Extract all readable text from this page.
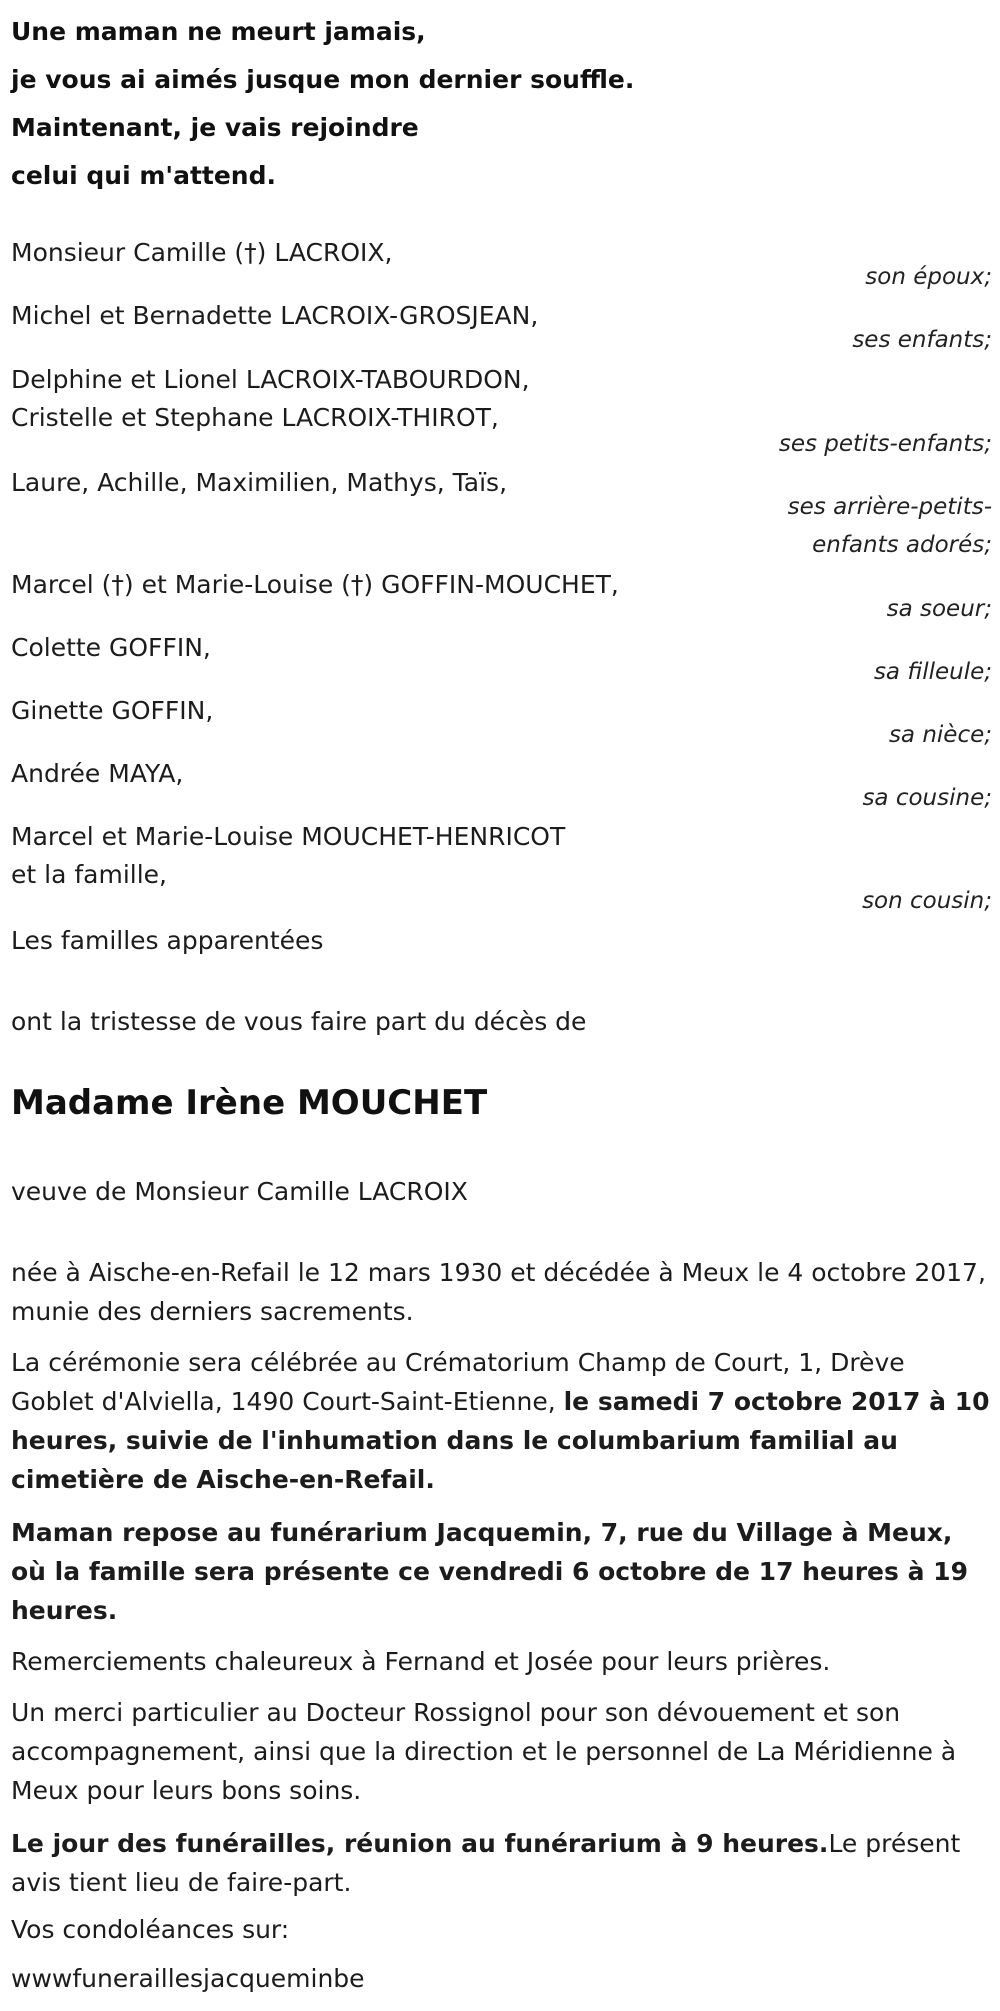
Une maman ne meurt jamais,
je vous ai aimés jusque mon dernier souffle.
Maintenant, je vais rejoindre
celui qui m'attend.
Monsieur Camille (†) LACROIX,
son époux;
Michel et Bernadette LACROIX-GROSJEAN,
ses enfants;
Delphine et Lionel LACROIX-TABOURDON,
Cristelle et Stephane LACROIX-THIROT,
ses petits-enfants;
Laure, Achille, Maximilien, Mathys, Taïs,
ses arrière-petits-
enfants adorés;
Marcel (†) et Marie-Louise (†) GOFFIN-MOUCHET,
sa soeur;
Colette GOFFIN,
sa filleule;
Ginette GOFFIN,
sa nièce;
Andrée MAYA,
sa cousine;
Marcel et Marie-Louise MOUCHET-HENRICOT
et la famille,
son cousin;
Les familles apparentées
ont la tristesse de vous faire part du décès de
Madame Irène MOUCHET
veuve de Monsieur Camille LACROIX
née à Aische-en-Refail le 12 mars 1930 et décédée à Meux le 4 octobre 2017, munie des derniers sacrements.
La cérémonie sera célébrée au Crématorium Champ de Court, 1, Drève Goblet d'Alviella, 1490 Court-Saint-Etienne, le samedi 7 octobre 2017 à 10 heures, suivie de l'inhumation dans le columbarium familial au cimetière de Aische-en-Refail.
Maman repose au funérarium Jacquemin, 7, rue du Village à Meux, où la famille sera présente ce vendredi 6 octobre de 17 heures à 19 heures.
Remerciements chaleureux à Fernand et Josée pour leurs prières.
Un merci particulier au Docteur Rossignol pour son dévouement et son accompagnement, ainsi que la direction et le personnel de La Méridienne à Meux pour leurs bons soins.
Le jour des funérailles, réunion au funérarium à 9 heures.Le présent avis tient lieu de faire-part.
Vos condoléances sur:
wwwfuneraillesjacqueminbe
